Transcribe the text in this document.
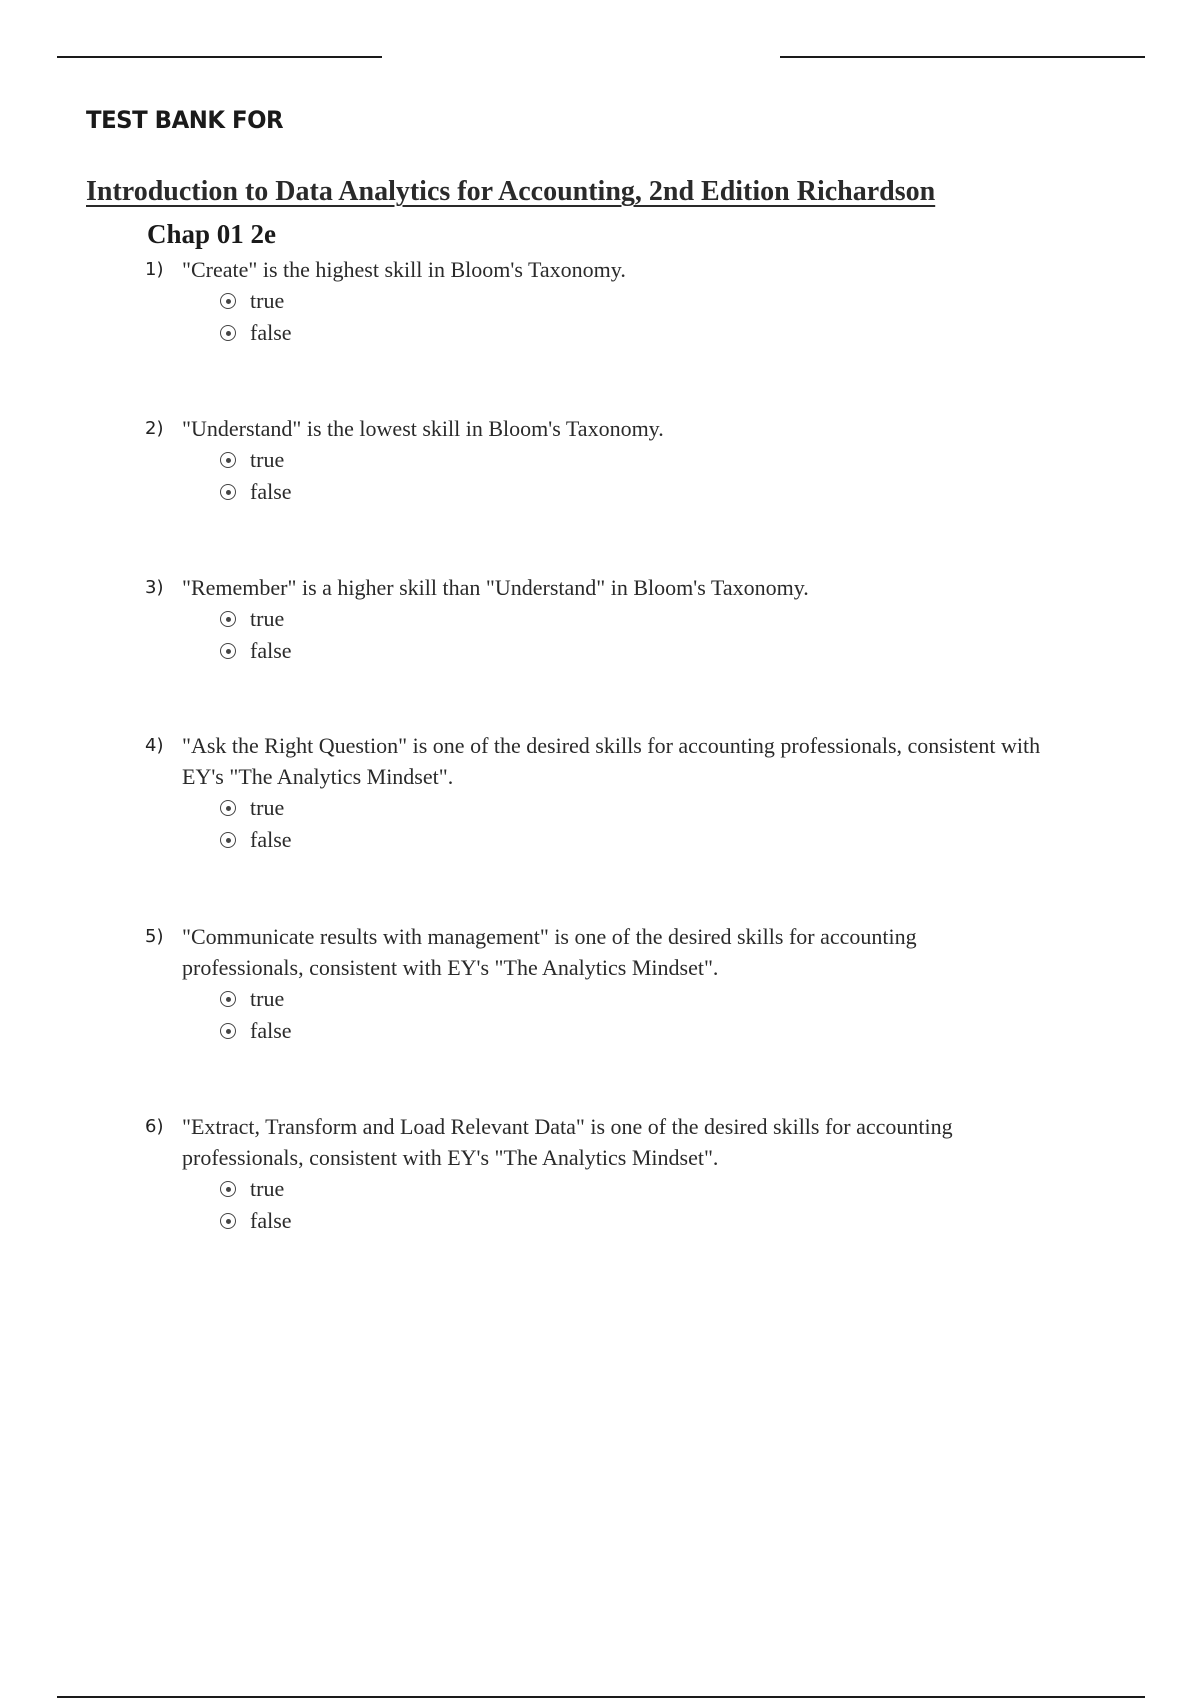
TEST BANK FOR
Introduction to Data Analytics for Accounting, 2nd Edition Richardson
Chap 01 2e
1) "Create" is the highest skill in Bloom's Taxonomy.
true
false
2) "Understand" is the lowest skill in Bloom's Taxonomy.
true
false
3) "Remember" is a higher skill than "Understand" in Bloom's Taxonomy.
true
false
4) "Ask the Right Question" is one of the desired skills for accounting professionals, consistent with EY's "The Analytics Mindset".
true
false
5) "Communicate results with management" is one of the desired skills for accounting professionals, consistent with EY's "The Analytics Mindset".
true
false
6) "Extract, Transform and Load Relevant Data" is one of the desired skills for accounting professionals, consistent with EY's "The Analytics Mindset".
true
false
